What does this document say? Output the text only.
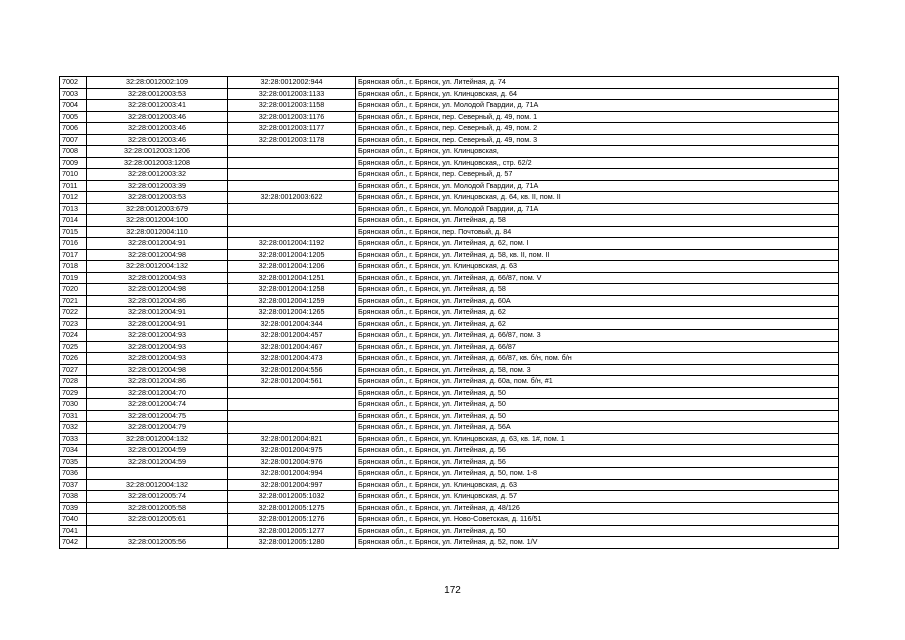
7002	32:28:0012002:109	32:28:0012002:944	Брянская обл., г. Брянск, ул. Литейная, д. 74
7003	32:28:0012003:53	32:28:0012003:1133	Брянская обл., г. Брянск, ул. Клинцовская, д. 64
7004	32:28:0012003:41	32:28:0012003:1158	Брянская обл., г. Брянск, ул. Молодой Гвардии, д. 71А
7005	32:28:0012003:46	32:28:0012003:1176	Брянская обл., г. Брянск, пер. Северный, д. 49, пом. 1
7006	32:28:0012003:46	32:28:0012003:1177	Брянская обл., г. Брянск, пер. Северный, д. 49, пом. 2
7007	32:28:0012003:46	32:28:0012003:1178	Брянская обл., г. Брянск, пер. Северный, д. 49, пом. 3
7008	32:28:0012003:1206		Брянская обл., г. Брянск, ул. Клинцовская,
7009	32:28:0012003:1208		Брянская обл., г. Брянск, ул. Клинцовская,, стр. 62/2
7010	32:28:0012003:32		Брянская обл., г. Брянск, пер. Северный, д. 57
7011	32:28:0012003:39		Брянская обл., г. Брянск, ул. Молодой Гвардии, д. 71А
7012	32:28:0012003:53	32:28:0012003:622	Брянская обл., г. Брянск, ул. Клинцовская, д. 64, кв. II, пом. II
7013	32:28:0012003:679		Брянская обл., г. Брянск, ул. Молодой Гвардии, д. 71А
7014	32:28:0012004:100		Брянская обл., г. Брянск, ул. Литейная, д. 58
7015	32:28:0012004:110		Брянская обл., г. Брянск, пер. Почтовый, д. 84
7016	32:28:0012004:91	32:28:0012004:1192	Брянская обл., г. Брянск, ул. Литейная, д. 62, пом. I
7017	32:28:0012004:98	32:28:0012004:1205	Брянская обл., г. Брянск, ул. Литейная, д. 58, кв. II, пом. II
7018	32:28:0012004:132	32:28:0012004:1206	Брянская обл., г. Брянск, ул. Клинцовская, д. 63
7019	32:28:0012004:93	32:28:0012004:1251	Брянская обл., г. Брянск, ул. Литейная, д. 66/87, пом. V
7020	32:28:0012004:98	32:28:0012004:1258	Брянская обл., г. Брянск, ул. Литейная, д. 58
7021	32:28:0012004:86	32:28:0012004:1259	Брянская обл., г. Брянск, ул. Литейная, д. 60А
7022	32:28:0012004:91	32:28:0012004:1265	Брянская обл., г. Брянск, ул. Литейная, д. 62
7023	32:28:0012004:91	32:28:0012004:344	Брянская обл., г. Брянск, ул. Литейная, д. 62
7024	32:28:0012004:93	32:28:0012004:457	Брянская обл., г. Брянск, ул. Литейная, д. 66/87, пом. 3
7025	32:28:0012004:93	32:28:0012004:467	Брянская обл., г. Брянск, ул. Литейная, д. 66/87
7026	32:28:0012004:93	32:28:0012004:473	Брянская обл., г. Брянск, ул. Литейная, д. 66/87, кв. б/н, пом. б/н
7027	32:28:0012004:98	32:28:0012004:556	Брянская обл., г. Брянск, ул. Литейная, д. 58, пом. 3
7028	32:28:0012004:86	32:28:0012004:561	Брянская обл., г. Брянск, ул. Литейная, д. 60а, пом. б/н, #1
7029	32:28:0012004:70		Брянская обл., г. Брянск, ул. Литейная, д. 50
7030	32:28:0012004:74		Брянская обл., г. Брянск, ул. Литейная, д. 50
7031	32:28:0012004:75		Брянская обл., г. Брянск, ул. Литейная, д. 50
7032	32:28:0012004:79		Брянская обл., г. Брянск, ул. Литейная, д. 56А
7033	32:28:0012004:132	32:28:0012004:821	Брянская обл., г. Брянск, ул. Клинцовская, д. 63, кв. 1#, пом. 1
7034	32:28:0012004:59	32:28:0012004:975	Брянская обл., г. Брянск, ул. Литейная, д. 56
7035	32:28:0012004:59	32:28:0012004:976	Брянская обл., г. Брянск, ул. Литейная, д. 56
7036		32:28:0012004:994	Брянская обл., г. Брянск, ул. Литейная, д. 50, пом. 1-8
7037	32:28:0012004:132	32:28:0012004:997	Брянская обл., г. Брянск, ул. Клинцовская, д. 63
7038	32:28:0012005:74	32:28:0012005:1032	Брянская обл., г. Брянск, ул. Клинцовская, д. 57
7039	32:28:0012005:58	32:28:0012005:1275	Брянская обл., г. Брянск, ул. Литейная, д. 48/126
7040	32:28:0012005:61	32:28:0012005:1276	Брянская обл., г. Брянск, ул. Ново-Советская, д. 116/51
7041		32:28:0012005:1277	Брянская обл., г. Брянск, ул. Литейная, д. 50
7042	32:28:0012005:56	32:28:0012005:1280	Брянская обл., г. Брянск, ул. Литейная, д. 52, пом. 1/V
172
